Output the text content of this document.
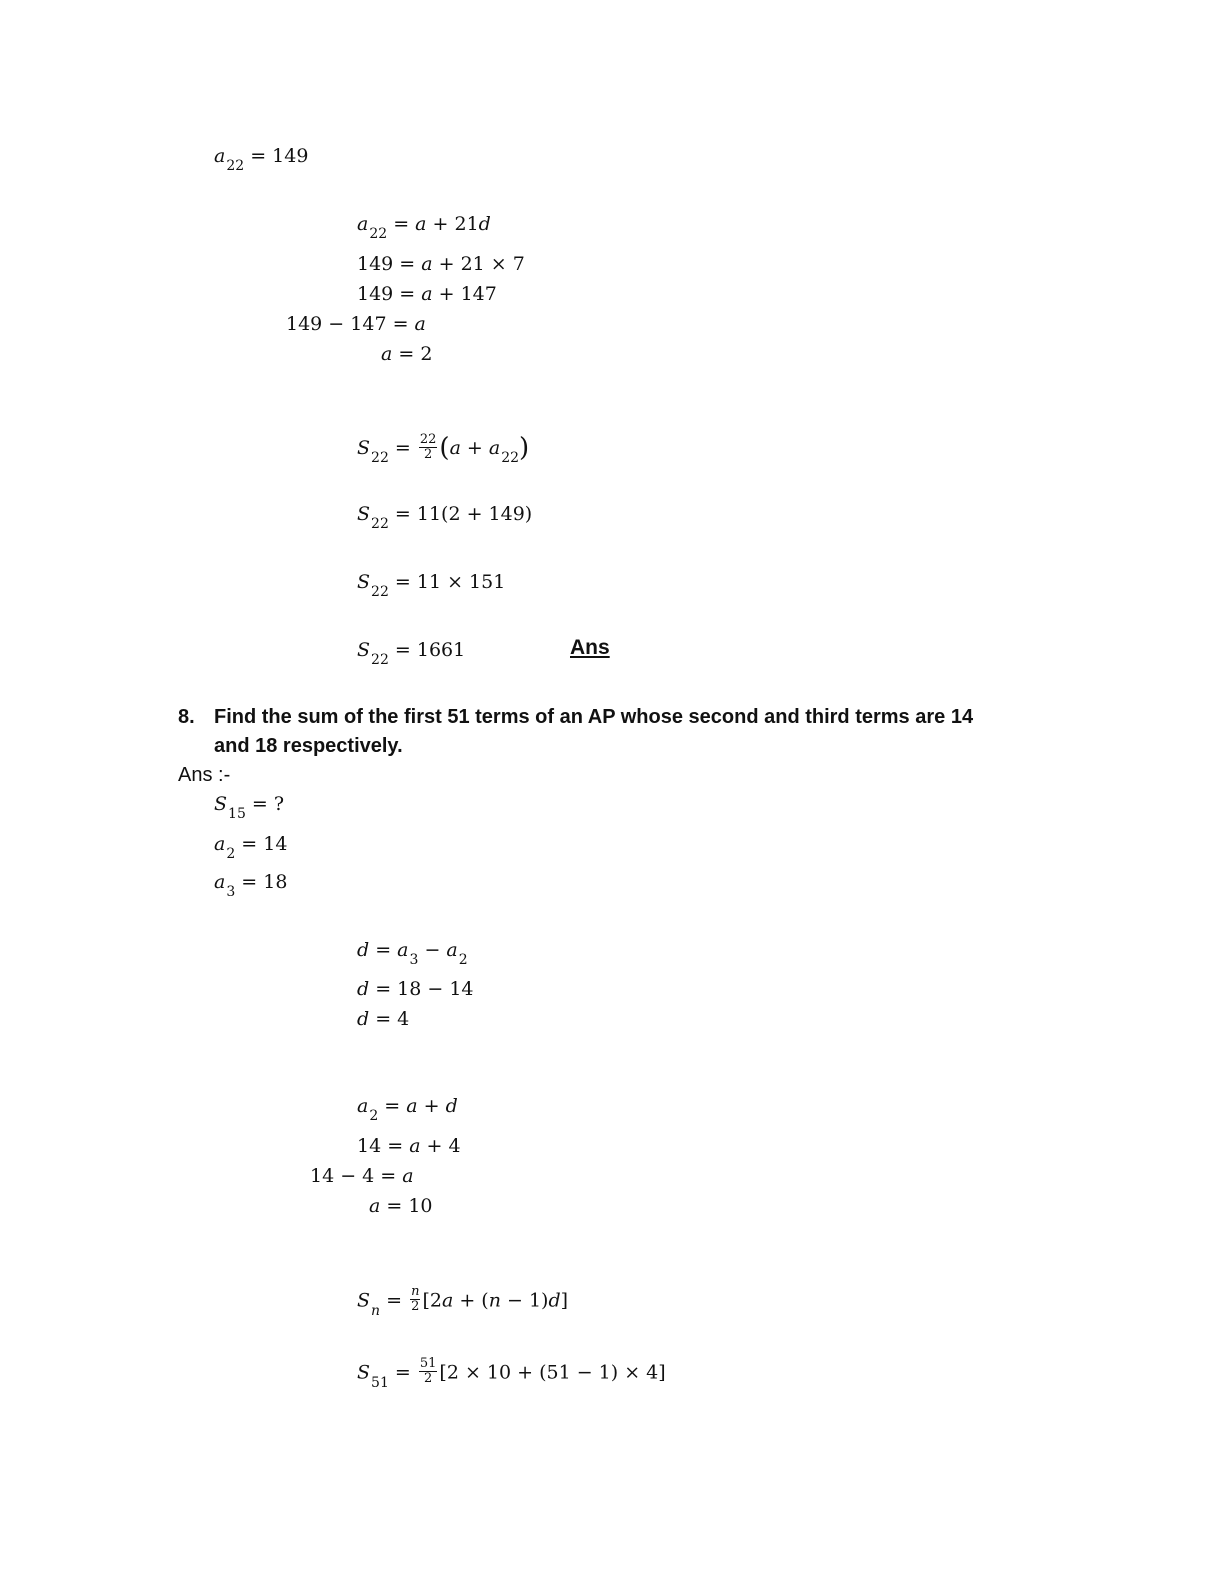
$a_{22} = 149$
$a_{22} = a + 21d$
149 = a + 21 × 7
149 = a + 147
149 − 147 = a
a = 2
$S_{22} = \frac{22}{2} (a + a_{22})$
$S_{22} = 11(2 + 149)$
$S_{22} = 11 \times 151$
$S_{22} = 1661$	Ans
8. Find the sum of the first 51 terms of an AP whose second and third terms are 14
and 18 respectively.
Ans :-
$S_{15}$ = ?
$a_2 = 14$
$a_3 = 18$
$d = a_3 - a_2$
d = 18 − 14
d = 4
$a_2 = a + d$
14 = a + 4
14 − 4 = a
a = 10
$S_n = \frac{n}{2} [2a + (n - 1)d]$
$S_{51} = \frac{51}{2} [2 \times 10 + (51 - 1) \times 4]$
